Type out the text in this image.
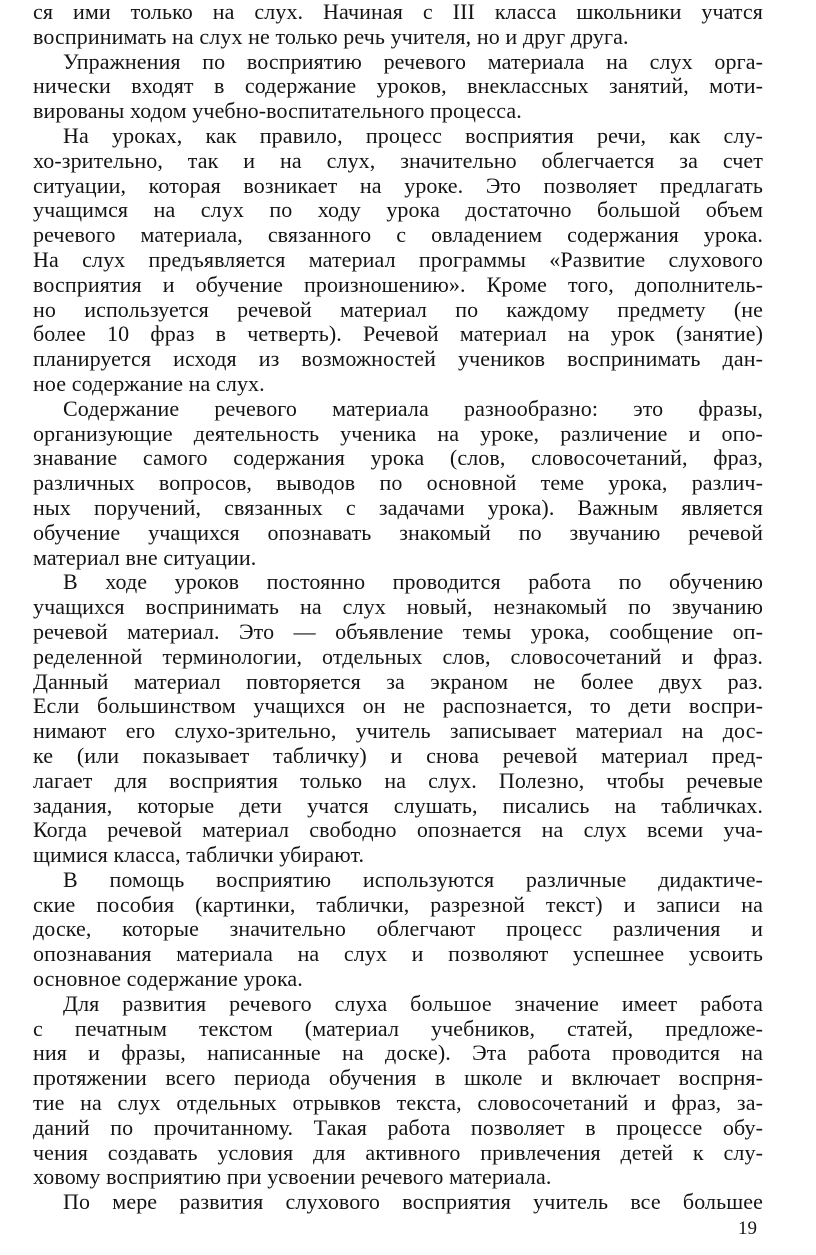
ся ими только на слух. Начиная с III класса школьники учатся
воспринимать на слух не только речь учителя, но и друг друга.
Упражнения по восприятию речевого материала на слух орга-
нически входят в содержание уроков, внеклассных занятий, моти-
вированы ходом учебно-воспитательного процесса.
На уроках, как правило, процесс восприятия речи, как слу-
хо-зрительно, так и на слух, значительно облегчается за счет
ситуации, которая возникает на уроке. Это позволяет предлагать
учащимся на слух по ходу урока достаточно большой объем
речевого материала, связанного с овладением содержания урока.
На слух предъявляется материал программы «Развитие слухового
восприятия и обучение произношению». Кроме того, дополнитель-
но используется речевой материал по каждому предмету (не
более 10 фраз в четверть). Речевой материал на урок (занятие)
планируется исходя из возможностей учеников воспринимать дан-
ное содержание на слух.
Содержание речевого материала разнообразно: это фразы,
организующие деятельность ученика на уроке, различение и опо-
знавание самого содержания урока (слов, словосочетаний, фраз,
различных вопросов, выводов по основной теме урока, различ-
ных поручений, связанных с задачами урока). Важным является
обучение учащихся опознавать знакомый по звучанию речевой
материал вне ситуации.
В ходе уроков постоянно проводится работа по обучению
учащихся воспринимать на слух новый, незнакомый по звучанию
речевой материал. Это — объявление темы урока, сообщение оп-
ределенной терминологии, отдельных слов, словосочетаний и фраз.
Данный материал повторяется за экраном не более двух раз.
Если большинством учащихся он не распознается, то дети воспри-
нимают его слухо-зрительно, учитель записывает материал на дос-
ке (или показывает табличку) и снова речевой материал пред-
лагает для восприятия только на слух. Полезно, чтобы речевые
задания, которые дети учатся слушать, писались на табличках.
Когда речевой материал свободно опознается на слух всеми уча-
щимися класса, таблички убирают.
В помощь восприятию используются различные дидактиче-
ские пособия (картинки, таблички, разрезной текст) и записи на
доске, которые значительно облегчают процесс различения и
опознавания материала на слух и позволяют успешнее усвоить
основное содержание урока.
Для развития речевого слуха большое значение имеет работа
с печатным текстом (материал учебников, статей, предложе-
ния и фразы, написанные на доске). Эта работа проводится на
протяжении всего периода обучения в школе и включает воспрня-
тие на слух отдельных отрывков текста, словосочетаний и фраз, за-
даний по прочитанному. Такая работа позволяет в процессе обу-
чения создавать условия для активного привлечения детей к слу-
ховому восприятию при усвоении речевого материала.
По мере развития слухового восприятия учитель все большее
19
